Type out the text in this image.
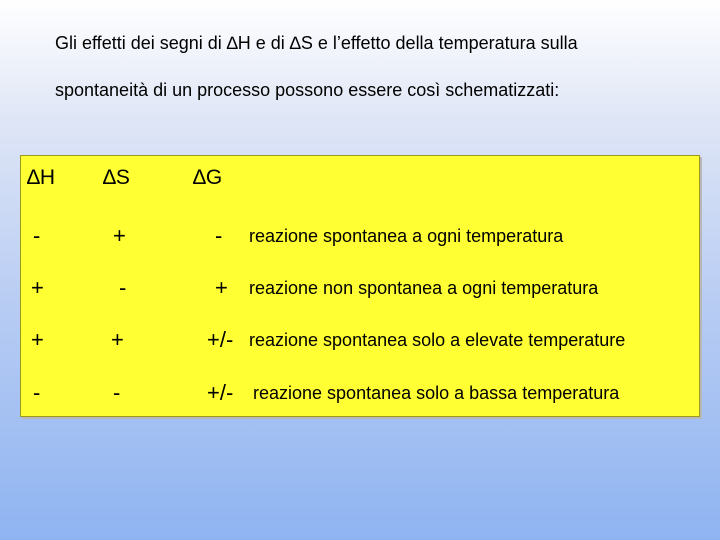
Gli effetti dei segni di ∆H e di ∆S e l’effetto della temperatura sulla
spontaneità di un processo possono essere così schematizzati:
∆H ∆S	∆G
-	+	- reazione spontanea a ogni temperatura
+	-	+ reazione non spontanea a ogni temperatura
+	+	+/- reazione spontanea solo a elevate temperature
-	-	+/- reazione spontanea solo a bassa temperatura
